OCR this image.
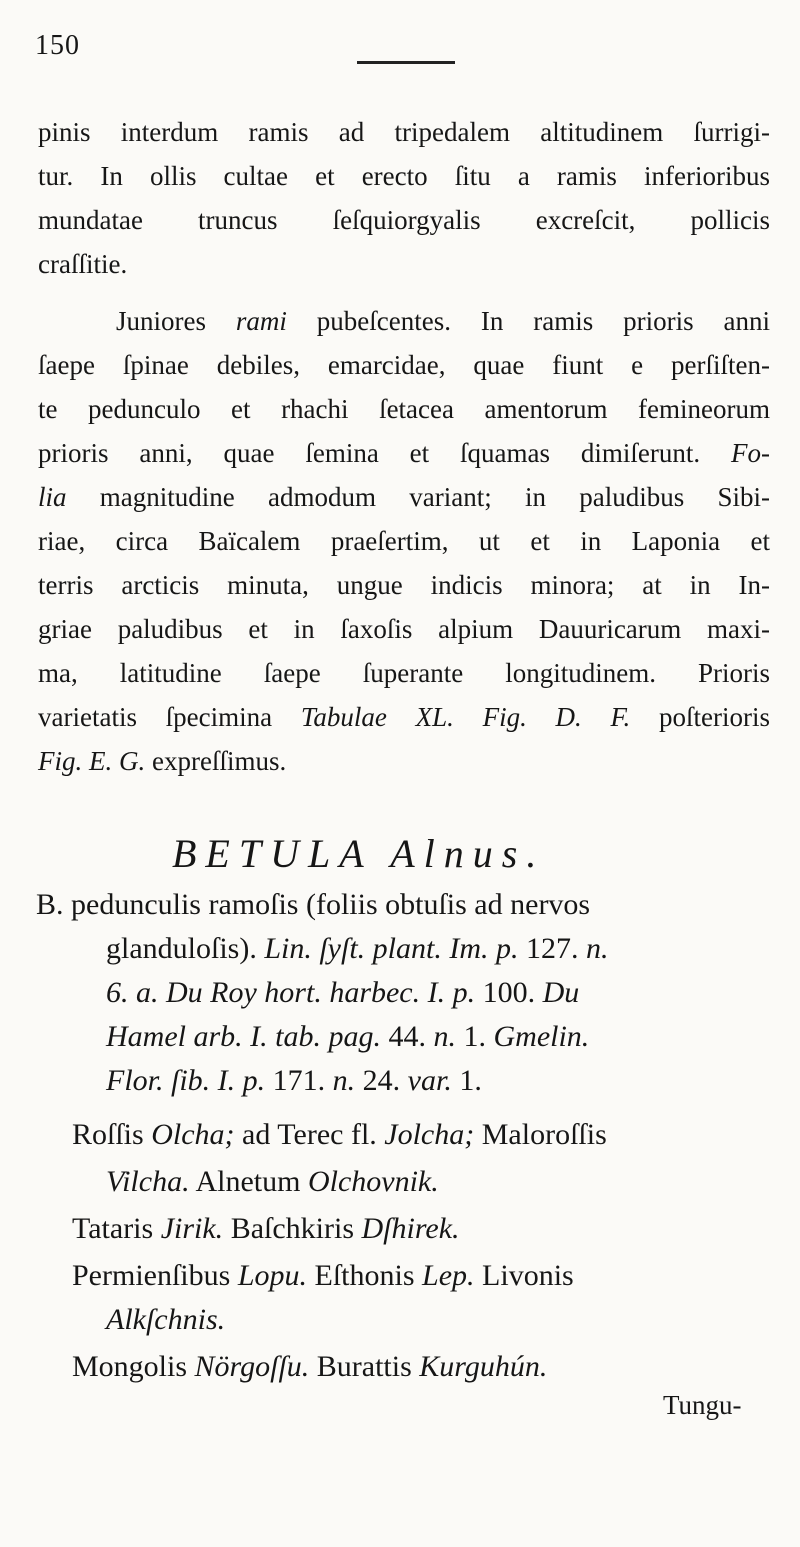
150
pinis interdum ramis ad tripedalem altitudinem ſurrigi-
tur. In ollis cultae et erecto ſitu a ramis inferioribus
mundatae truncus ſeſquiorgyalis excreſcit, pollicis
craſſitie.
Juniores rami pubeſcentes. In ramis prioris anni
ſaepe ſpinae debiles, emarcidae, quae fiunt e perſiſten-
te pedunculo et rhachi ſetacea amentorum femineorum
prioris anni, quae ſemina et ſquamas dimiſerunt. Fo-
lia magnitudine admodum variant; in paludibus Sibi-
riae, circa Baïcalem praeſertim, ut et in Laponia et
terris arcticis minuta, ungue indicis minora; at in In-
griae paludibus et in ſaxoſis alpium Dauuricarum maxi-
ma, latitudine ſaepe ſuperante longitudinem. Prioris
varietatis ſpecimina Tabulae XL. Fig. D. F. poſterioris
Fig. E. G. expreſſimus.
BETULA Alnus.
B. pedunculis ramoſis (foliis obtuſis ad nervos
glanduloſis). Lin. ſyſt. plant. Im. p. 127. n.
6. a. Du Roy hort. harbec. I. p. 100. Du
Hamel arb. I. tab. pag. 44. n. 1. Gmelin.
Flor. ſib. I. p. 171. n. 24. var. 1.
Roſſis Olcha; ad Terec fl. Jolcha; Maloroſſis
Vilcha. Alnetum Olchovnik.
Tataris Jirik. Baſchkiris Dſhirek.
Permienſibus Lopu. Eſthonis Lep. Livonis
Alkſchnis.
Mongolis Nörgoſſu. Burattis Kurguhún.
Tungu-
